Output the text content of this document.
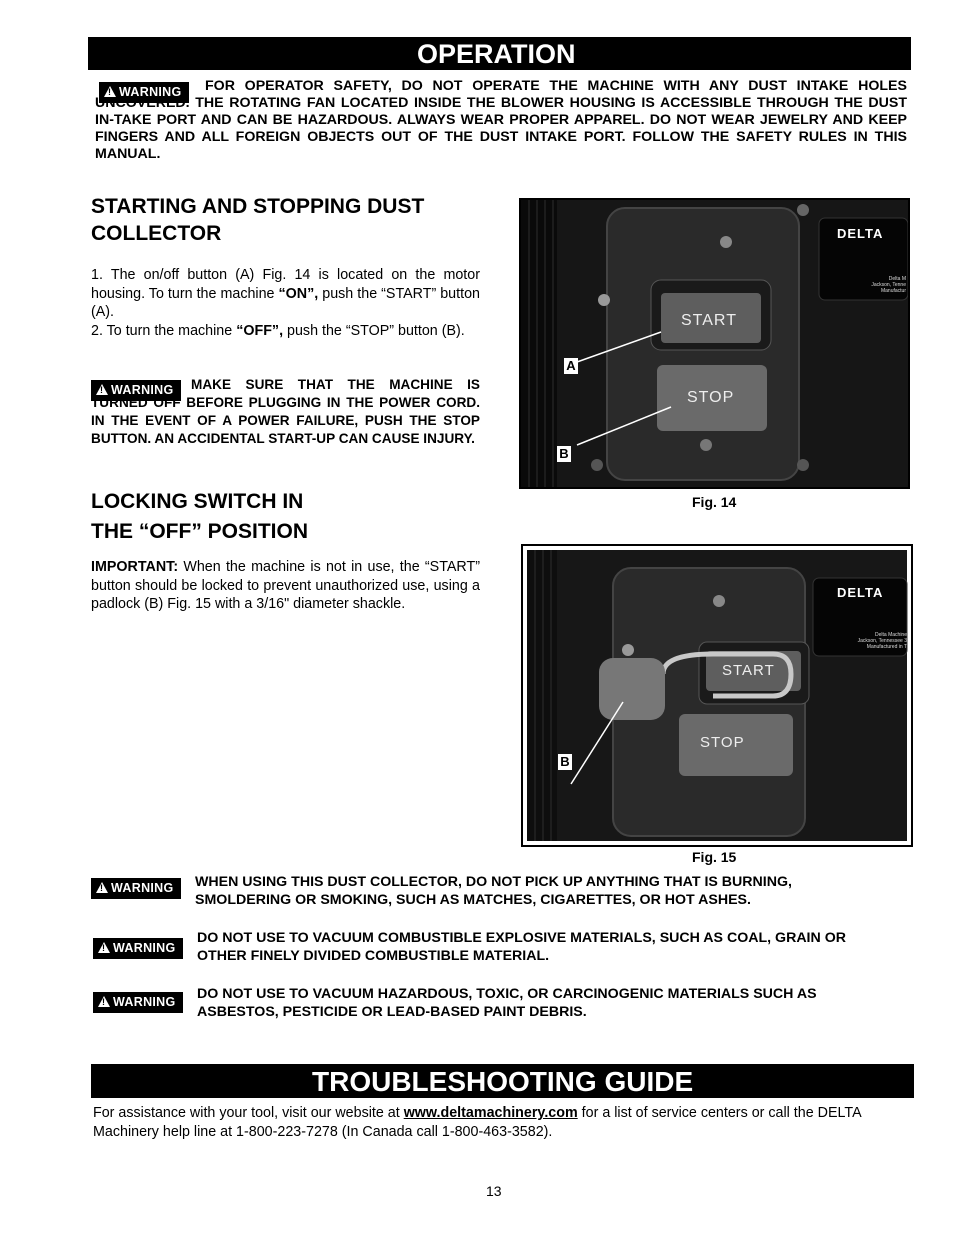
OPERATION
!WARNING	FOR OPERATOR SAFETY, DO NOT OPERATE THE MACHINE WITH ANY DUST INTAKE HOLES UNCOVERED. THE ROTATING FAN LOCATED INSIDE THE BLOWER HOUSING IS ACCESSIBLE THROUGH THE DUST IN-TAKE PORT AND CAN BE HAZARDOUS. ALWAYS WEAR PROPER APPAREL. DO NOT WEAR JEWELRY AND KEEP FINGERS AND ALL FOREIGN OBJECTS OUT OF THE DUST INTAKE PORT. FOLLOW THE SAFETY RULES IN THIS MANUAL.
STARTING AND STOPPING DUST COLLECTOR
1. The on/off button (A) Fig. 14 is located on the motor housing. To turn the machine “ON”, push the “START” button (A).
2. To turn the machine “OFF”, push the “STOP” button (B).
!WARNING	MAKE SURE THAT THE MACHINE IS TURNED OFF BEFORE PLUGGING IN THE POWER CORD. IN THE EVENT OF A POWER FAILURE, PUSH THE STOP BUTTON. AN ACCIDENTAL START-UP CAN CAUSE INJURY.
LOCKING SWITCH IN
THE “OFF” POSITION
IMPORTANT: When the machine is not in use, the “START” button should be locked to prevent unauthorized use, using a padlock (B) Fig. 15 with a 3/16" diameter shackle.
DELTA
Delta M
Jackson, Tenne
Manufactur
START
STOP
A
B
Fig. 14
DELTA
Delta Machine
Jackson, Tennessee 3
Manufactured in T
START
STOP
B
Fig. 15
!WARNING	WHEN USING THIS DUST COLLECTOR, DO NOT PICK UP ANYTHING THAT IS BURNING, SMOLDERING OR SMOKING, SUCH AS MATCHES, CIGARETTES, OR HOT ASHES.
!WARNING
DO NOT USE TO VACUUM COMBUSTIBLE EXPLOSIVE MATERIALS, SUCH AS COAL, GRAIN OR OTHER FINELY DIVIDED COMBUSTIBLE MATERIAL.
!WARNING	DO NOT USE TO VACUUM HAZARDOUS, TOXIC, OR CARCINOGENIC MATERIALS SUCH AS ASBESTOS, PESTICIDE OR LEAD-BASED PAINT DEBRIS.
TROUBLESHOOTING GUIDE
For assistance with your tool, visit our website at www.deltamachinery.com for a list of service centers or call the DELTA Machinery help line at 1-800-223-7278 (In Canada call 1-800-463-3582).
13
